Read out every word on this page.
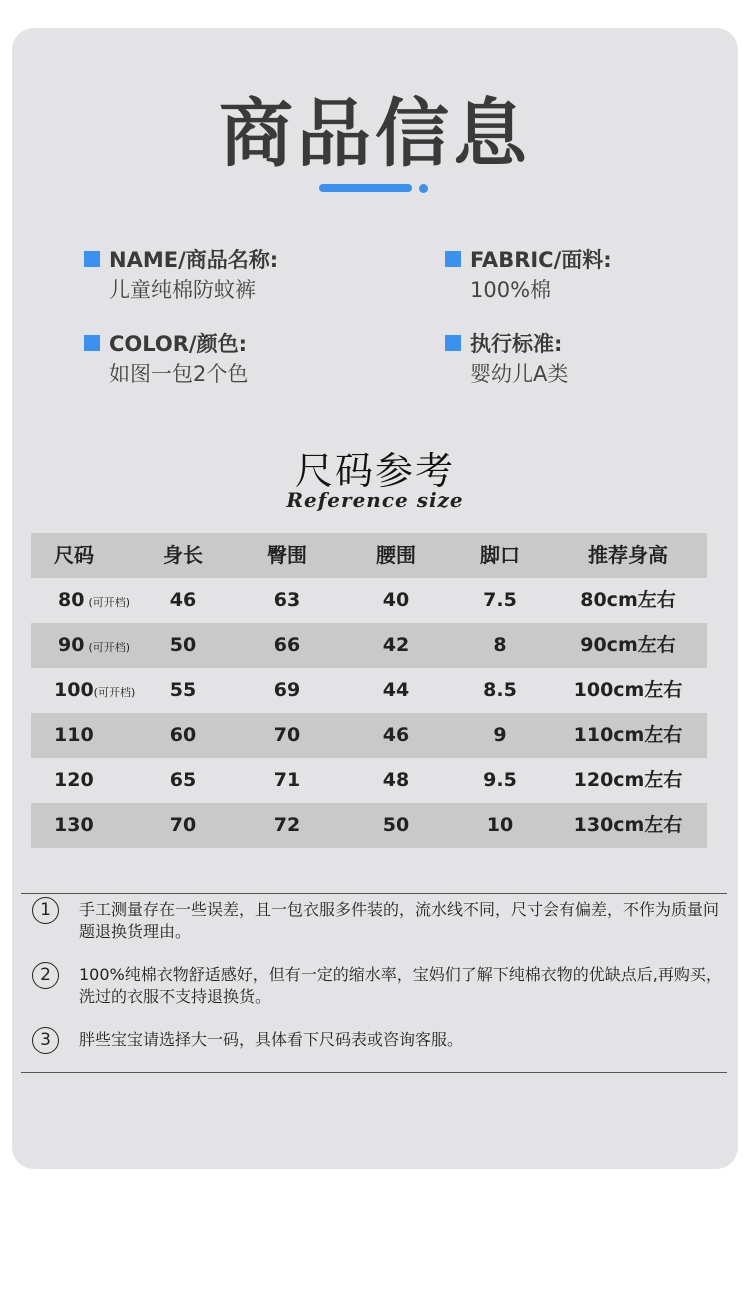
商品信息
NAME/商品名称:
儿童纯棉防蚊裤
FABRIC/面料:
100%棉
COLOR/颜色:
如图一包2个色
执行标准:
婴幼儿A类
尺码参考
Reference size
尺码	身长	臀围	腰围	脚口	推荐身高
80 (可开档)	46	63	40	7.5	80cm左右
90 (可开档)	50	66	42	8	90cm左右
100(可开档)	55	69	44	8.5	100cm左右
110	60	70	46	9	110cm左右
120	65	71	48	9.5	120cm左右
130	70	72	50	10	130cm左右
1	手工测量存在一些误差，且一包衣服多件装的，流水线不同，尺寸会有偏差，不作为质量问题退换货理由。
2	100%纯棉衣物舒适感好，但有一定的缩水率，宝妈们了解下纯棉衣物的优缺点后,再购买，洗过的衣服不支持退换货。
3	胖些宝宝请选择大一码，具体看下尺码表或咨询客服。
